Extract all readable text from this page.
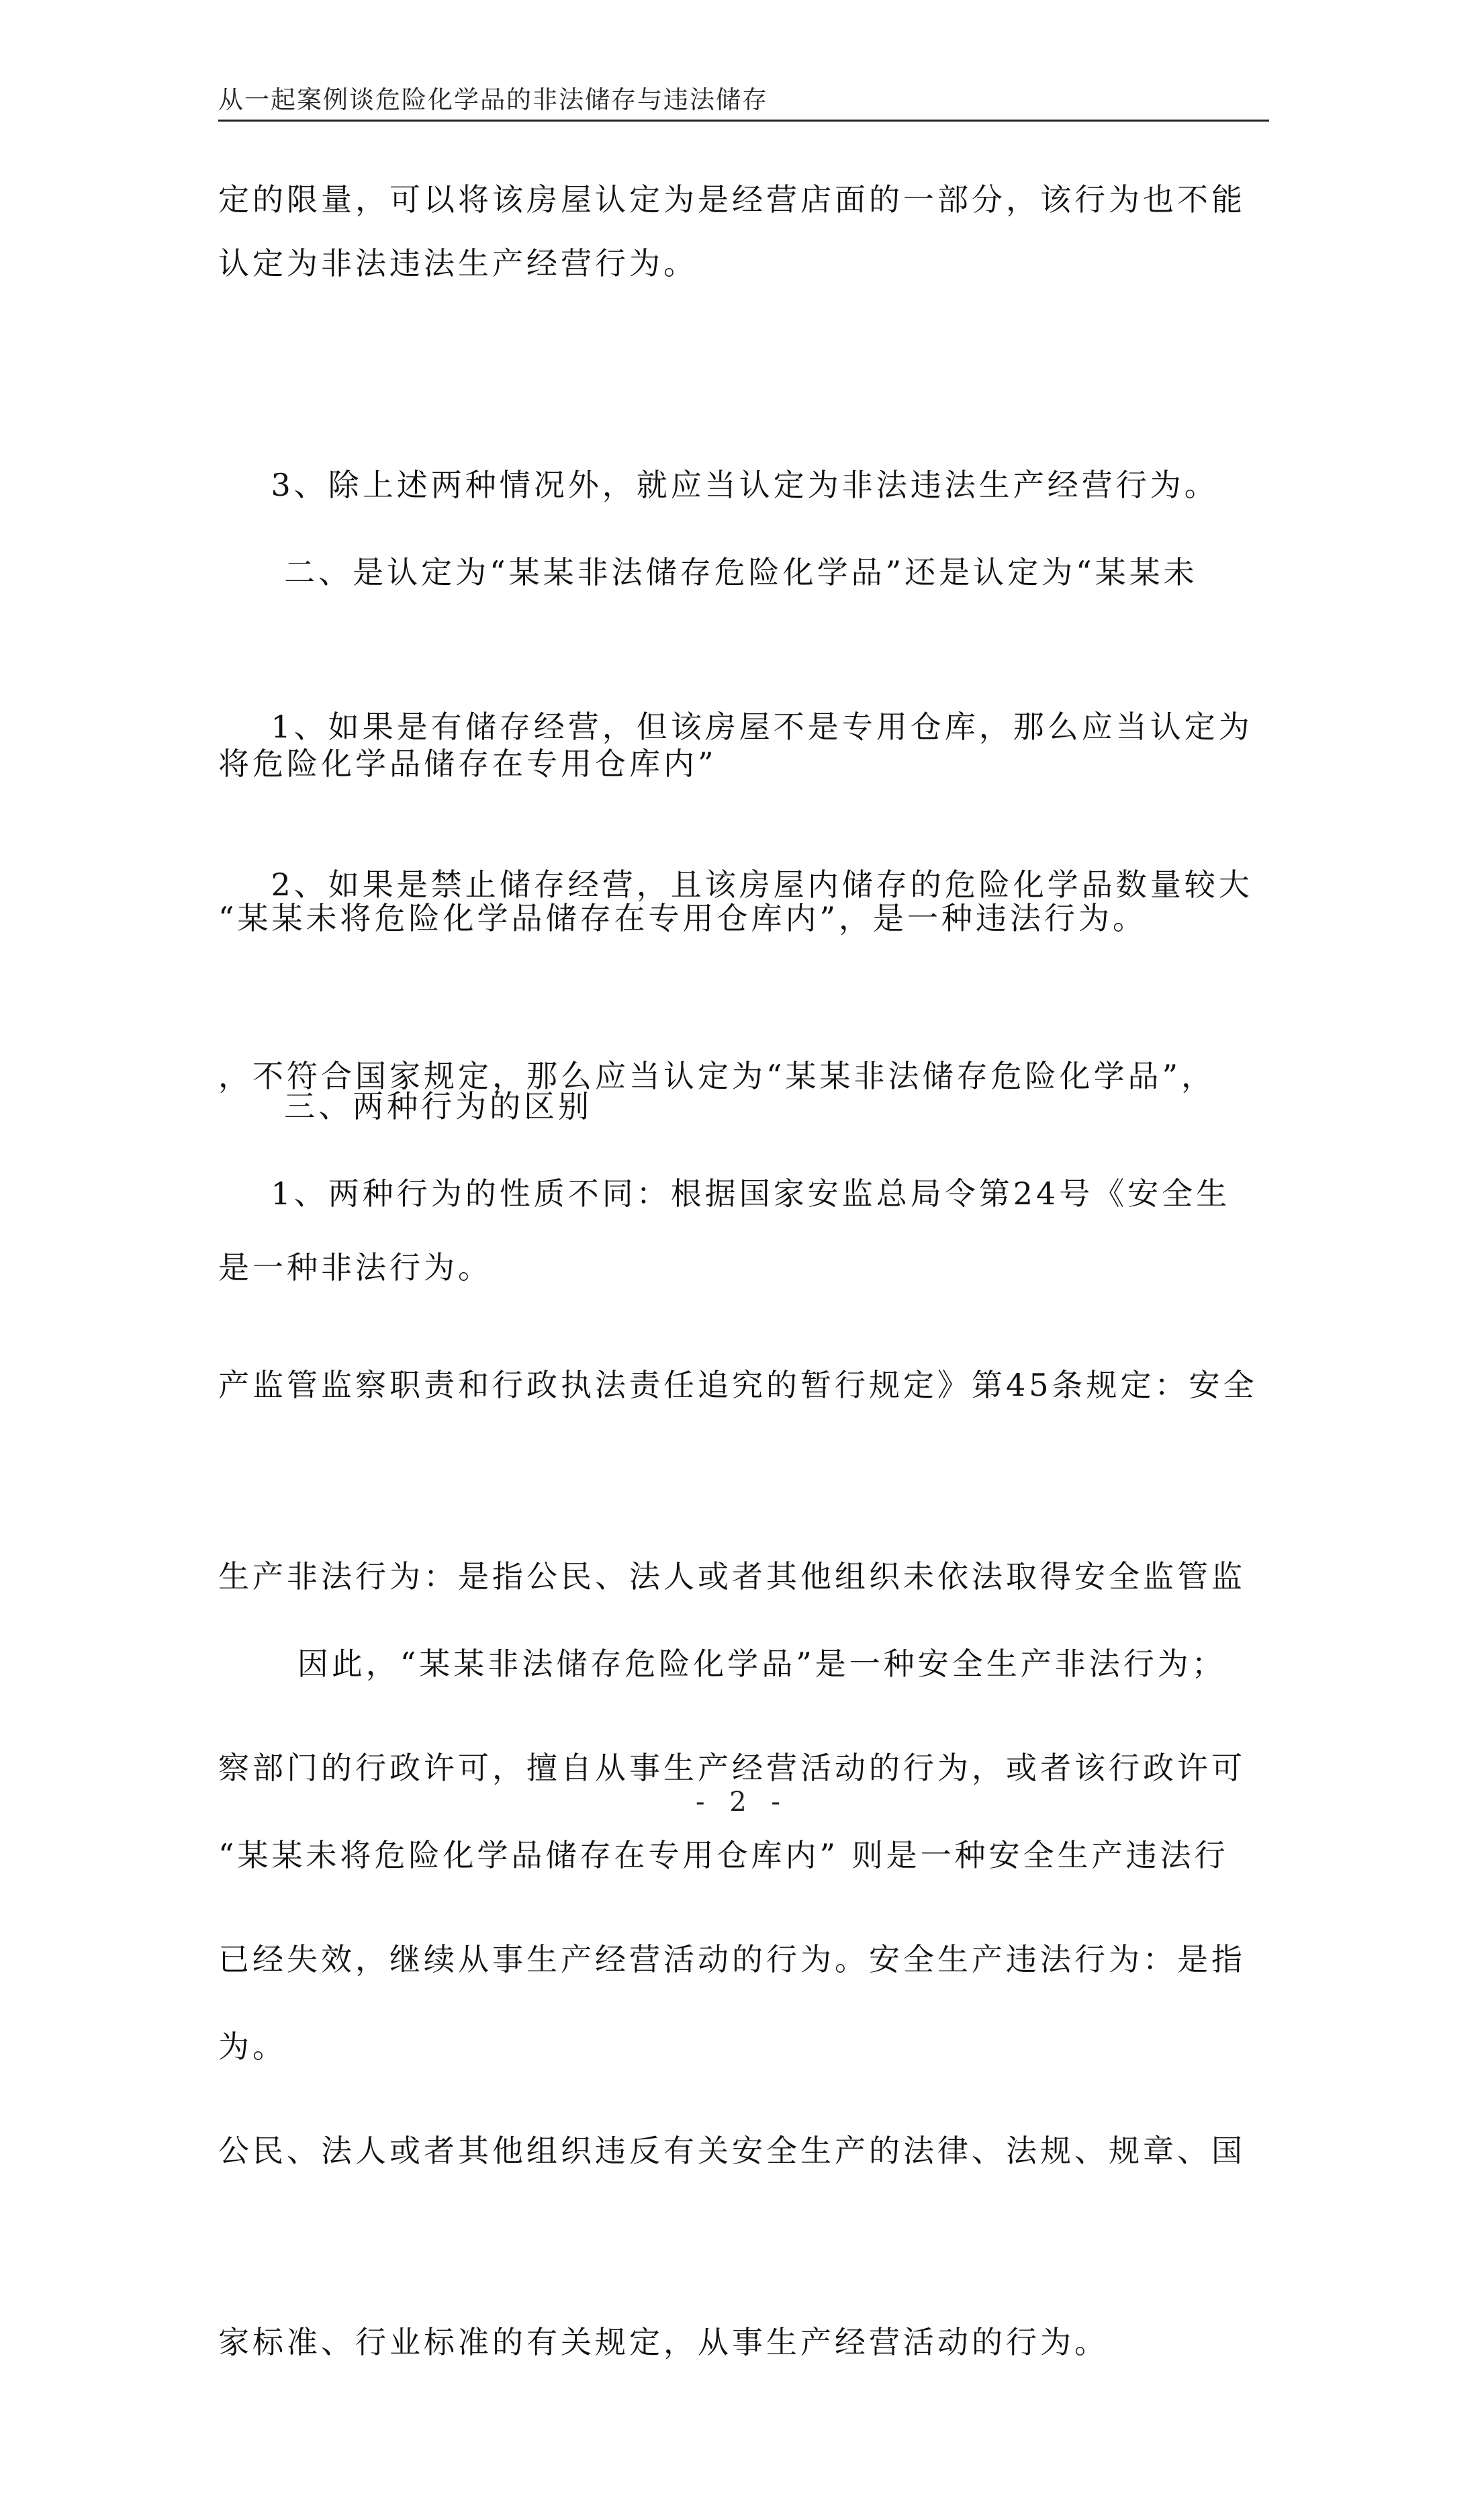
从一起案例谈危险化学品的非法储存与违法储存
定的限量，可以将该房屋认定为是经营店面的一部分，该行为也不能
认定为非法违法生产经营行为。

3、除上述两种情况外，就应当认定为非法违法生产经营行为。

二、是认定为“某某非法储存危险化学品”还是认定为“某某未

将危险化学品储存在专用仓库内”

1、如果是有储存经营，但该房屋不是专用仓库，那么应当认定为

“某某未将危险化学品储存在专用仓库内”，是一种违法行为。

2、如果是禁止储存经营，且该房屋内储存的危险化学品数量较大

，不符合国家规定，那么应当认定为“某某非法储存危险化学品”，

是一种非法行为。

三、两种行为的区别

1、两种行为的性质不同：根据国家安监总局令第24号《安全生

产监管监察职责和行政执法责任追究的暂行规定》第45条规定：安全

生产非法行为：是指公民、法人或者其他组织未依法取得安全监管监

察部门的行政许可，擅自从事生产经营活动的行为，或者该行政许可

已经失效，继续从事生产经营活动的行为。安全生产违法行为：是指

公民、法人或者其他组织违反有关安全生产的法律、法规、规章、国

家标准、行业标准的有关规定，从事生产经营活动的行为。

因此，“某某非法储存危险化学品”是一种安全生产非法行为；

“某某未将危险化学品储存在专用仓库内” 则是一种安全生产违法行

为。

- 2 -
